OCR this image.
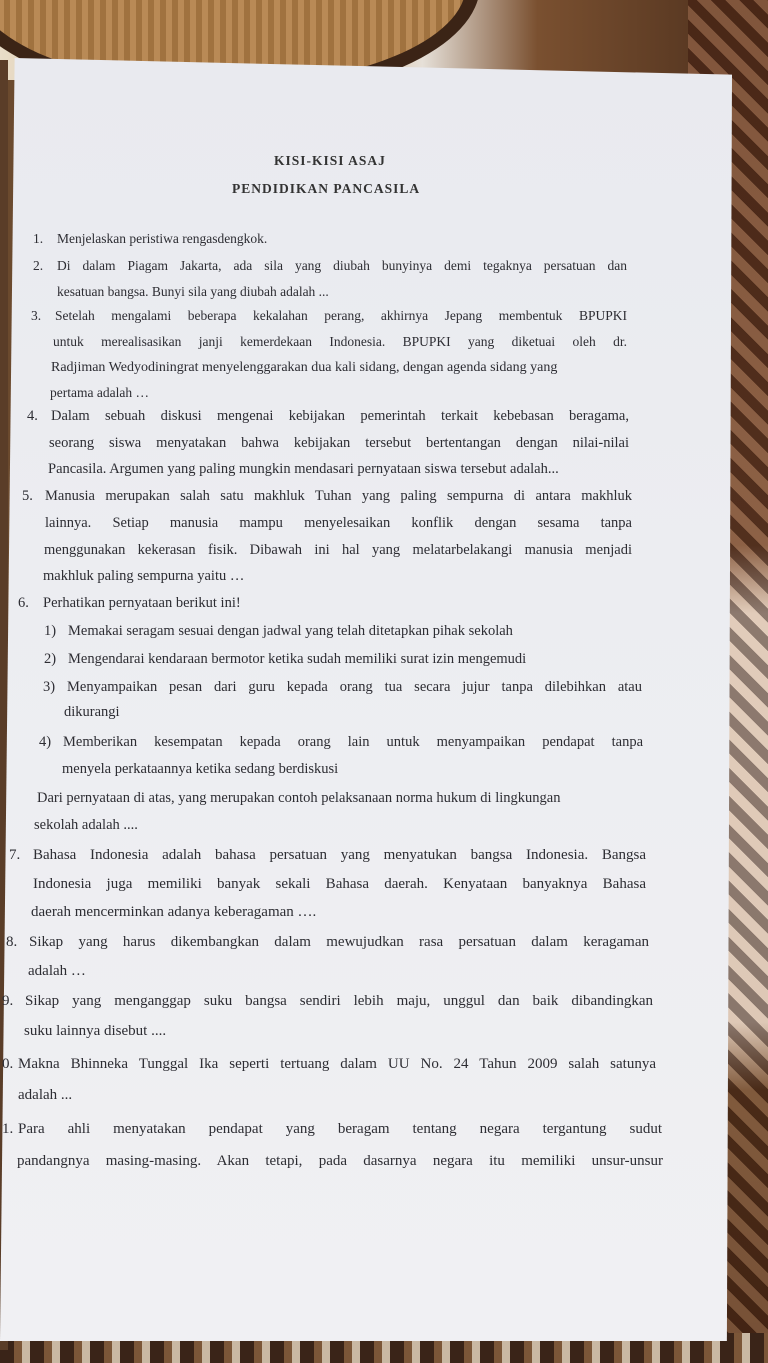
KISI-KISI ASAJ
PENDIDIKAN PANCASILA
1. Menjelaskan peristiwa rengasdengkok.
2. Di dalam Piagam Jakarta, ada sila yang diubah bunyinya demi tegaknya persatuan dan
kesatuan bangsa. Bunyi sila yang diubah adalah ...
3. Setelah mengalami beberapa kekalahan perang, akhirnya Jepang membentuk BPUPKI
untuk merealisasikan janji kemerdekaan Indonesia. BPUPKI yang diketuai oleh dr.
Radjiman Wedyodiningrat menyelenggarakan dua kali sidang, dengan agenda sidang yang
pertama adalah …
4. Dalam sebuah diskusi mengenai kebijakan pemerintah terkait kebebasan beragama,
seorang siswa menyatakan bahwa kebijakan tersebut bertentangan dengan nilai-nilai
Pancasila. Argumen yang paling mungkin mendasari pernyataan siswa tersebut adalah...
5. Manusia merupakan salah satu makhluk Tuhan yang paling sempurna di antara makhluk
lainnya. Setiap manusia mampu menyelesaikan konflik dengan sesama tanpa
menggunakan kekerasan fisik. Dibawah ini hal yang melatarbelakangi manusia menjadi
makhluk paling sempurna yaitu …
6. Perhatikan pernyataan berikut ini!
1) Memakai seragam sesuai dengan jadwal yang telah ditetapkan pihak sekolah
2) Mengendarai kendaraan bermotor ketika sudah memiliki surat izin mengemudi
3) Menyampaikan pesan dari guru kepada orang tua secara jujur tanpa dilebihkan atau
dikurangi
4) Memberikan kesempatan kepada orang lain untuk menyampaikan pendapat tanpa
menyela perkataannya ketika sedang berdiskusi
Dari pernyataan di atas, yang merupakan contoh pelaksanaan norma hukum di lingkungan
sekolah adalah ....
7. Bahasa Indonesia adalah bahasa persatuan yang menyatukan bangsa Indonesia. Bangsa
Indonesia juga memiliki banyak sekali Bahasa daerah. Kenyataan banyaknya Bahasa
daerah mencerminkan adanya keberagaman ….
8. Sikap yang harus dikembangkan dalam mewujudkan rasa persatuan dalam keragaman
adalah …
9. Sikap yang menganggap suku bangsa sendiri lebih maju, unggul dan baik dibandingkan
suku lainnya disebut ....
0. Makna Bhinneka Tunggal Ika seperti tertuang dalam UU No. 24 Tahun 2009 salah satunya
adalah ...
1. Para ahli menyatakan pendapat yang beragam tentang negara tergantung sudut
pandangnya masing-masing. Akan tetapi, pada dasarnya negara itu memiliki unsur-unsur
